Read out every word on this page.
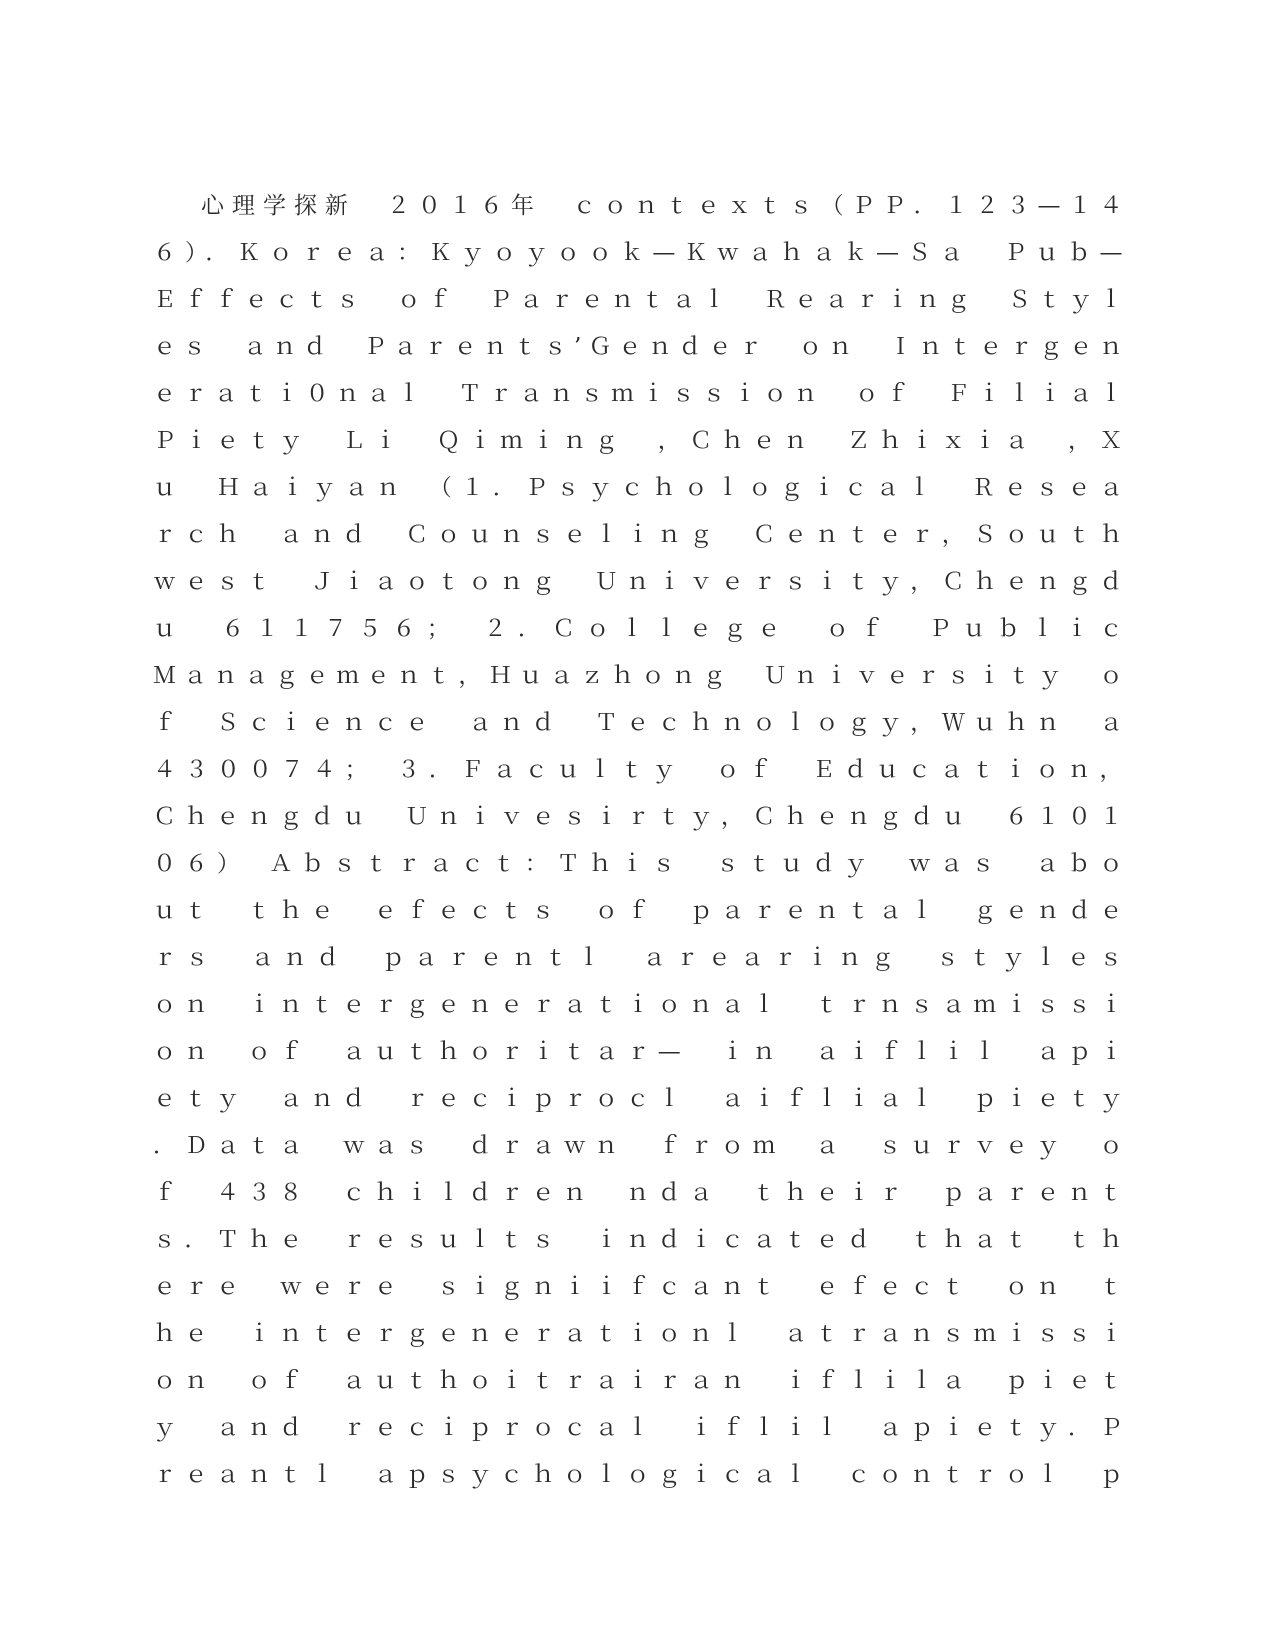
心理学探新　２０１６年　ｃｏｎｔｅｘｔｓ（ＰＰ．１２３—１４
６）．Ｋｏｒｅａ：Ｋｙｏｙｏｏｋ—Ｋｗａｈａｋ—Ｓａ　Ｐｕｂ—
Ｅｆｆｅｃｔｓ　ｏｆ　Ｐａｒｅｎｔａｌ　Ｒｅａｒｉｎｇ　Ｓｔｙｌ
ｅｓ　ａｎｄ　Ｐａｒｅｎｔｓ’Ｇｅｎｄｅｒ　ｏｎ　Ｉｎｔｅｒｇｅｎ
ｅｒａｔｉ０ｎａｌ　Ｔｒａｎｓｍｉｓｓｉｏｎ　ｏｆ　Ｆｉｌｉａｌ
Ｐｉｅｔｙ　Ｌｉ　Ｑｉｍｉｎｇ　，Ｃｈｅｎ　Ｚｈｉｘｉａ　，Ｘ
ｕ　Ｈａｉｙａｎ　（１．Ｐｓｙｃｈｏｌｏｇｉｃａｌ　Ｒｅｓｅａ
ｒｃｈ　ａｎｄ　Ｃｏｕｎｓｅｌｉｎｇ　Ｃｅｎｔｅｒ，Ｓｏｕｔｈ
ｗｅｓｔ　Ｊｉａｏｔｏｎｇ　Ｕｎｉｖｅｒｓｉｔｙ，Ｃｈｅｎｇｄ
ｕ　６１１７５６；　２．Ｃｏｌｌｅｇｅ　ｏｆ　Ｐｕｂｌｉｃ
Ｍａｎａｇｅｍｅｎｔ，Ｈｕａｚｈｏｎｇ　Ｕｎｉｖｅｒｓｉｔｙ　ｏ
ｆ　Ｓｃｉｅｎｃｅ　ａｎｄ　Ｔｅｃｈｎｏｌｏｇｙ，Ｗｕｈｎ　ａ
４３００７４；　３．Ｆａｃｕｌｔｙ　ｏｆ　Ｅｄｕｃａｔｉｏｎ，
Ｃｈｅｎｇｄｕ　Ｕｎｉｖｅｓｉｒｔｙ，Ｃｈｅｎｇｄｕ　６１０１
０６）　Ａｂｓｔｒａｃｔ：Ｔｈｉｓ　ｓｔｕｄｙ　ｗａｓ　ａｂｏ
ｕｔ　ｔｈｅ　ｅｆｅｃｔｓ　ｏｆ　ｐａｒｅｎｔａｌ　ｇｅｎｄｅ
ｒｓ　ａｎｄ　ｐａｒｅｎｔｌ　ａｒｅａｒｉｎｇ　ｓｔｙｌｅｓ
ｏｎ　ｉｎｔｅｒｇｅｎｅｒａｔｉｏｎａｌ　ｔｒｎｓａｍｉｓｓｉ
ｏｎ　ｏｆ　ａｕｔｈｏｒｉｔａｒ—　ｉｎ　ａｉｆｌｉｌ　ａｐｉ
ｅｔｙ　ａｎｄ　ｒｅｃｉｐｒｏｃｌ　ａｉｆｌｉａｌ　ｐｉｅｔｙ
．Ｄａｔａ　ｗａｓ　ｄｒａｗｎ　ｆｒｏｍ　ａ　ｓｕｒｖｅｙ　ｏ
ｆ　４３８　ｃｈｉｌｄｒｅｎ　ｎｄａ　ｔｈｅｉｒ　ｐａｒｅｎｔ
ｓ．Ｔｈｅ　ｒｅｓｕｌｔｓ　ｉｎｄｉｃａｔｅｄ　ｔｈａｔ　ｔｈ
ｅｒｅ　ｗｅｒｅ　ｓｉｇｎｉｉｆｃａｎｔ　ｅｆｅｃｔ　ｏｎ　ｔ
ｈｅ　ｉｎｔｅｒｇｅｎｅｒａｔｉｏｎｌ　ａｔｒａｎｓｍｉｓｓｉ
ｏｎ　ｏｆ　ａｕｔｈｏｉｔｒａｉｒａｎ　ｉｆｌｉｌａ　ｐｉｅｔ
ｙ　ａｎｄ　ｒｅｃｉｐｒｏｃａｌ　ｉｆｌｉｌ　ａｐｉｅｔｙ．Ｐ
ｒｅａｎｔｌ　ａｐｓｙｃｈｏｌｏｇｉｃａｌ　ｃｏｎｔｒｏｌ　ｐ
